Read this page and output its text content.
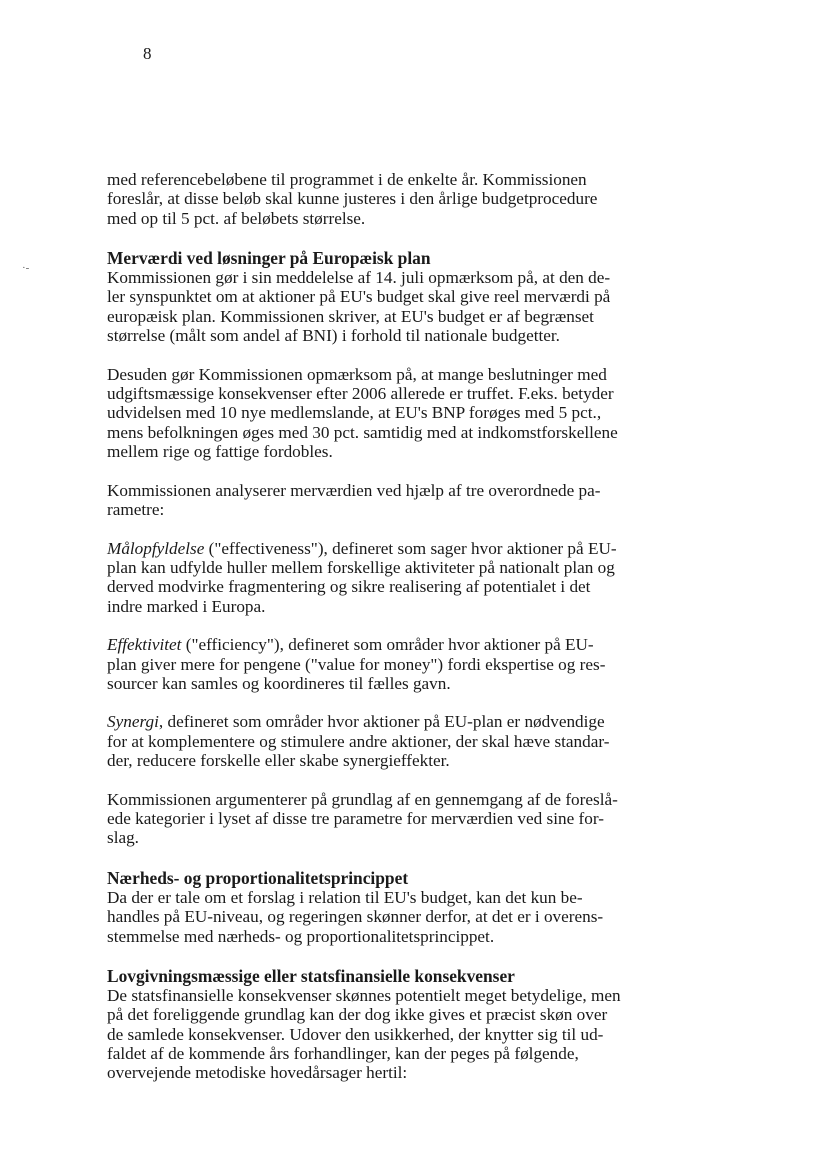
8
·-

med referencebeløbene til programmet i de enkelte år. Kommissionen
foreslår, at disse beløb skal kunne justeres i den årlige budgetprocedure
med op til 5 pct. af beløbets størrelse.

Merværdi ved løsninger på Europæisk plan

Kommissionen gør i sin meddelelse af 14. juli opmærksom på, at den de-
ler synspunktet om at aktioner på EU's budget skal give reel merværdi på
europæisk plan. Kommissionen skriver, at EU's budget er af begrænset
størrelse (målt som andel af BNI) i forhold til nationale budgetter.

Desuden gør Kommissionen opmærksom på, at mange beslutninger med
udgiftsmæssige konsekvenser efter 2006 allerede er truffet. F.eks. betyder
udvidelsen med 10 nye medlemslande, at EU's BNP forøges med 5 pct.,
mens befolkningen øges med 30 pct. samtidig med at indkomstforskellene
mellem rige og fattige fordobles.

Kommissionen analyserer merværdien ved hjælp af tre overordnede pa-
rametre:

Målopfyldelse ("effectiveness"), defineret som sager hvor aktioner på EU-
plan kan udfylde huller mellem forskellige aktiviteter på nationalt plan og
derved modvirke fragmentering og sikre realisering af potentialet i det
indre marked i Europa.

Effektivitet ("efficiency"), defineret som områder hvor aktioner på EU-
plan giver mere for pengene ("value for money") fordi ekspertise og res-
sourcer kan samles og koordineres til fælles gavn.

Synergi, defineret som områder hvor aktioner på EU-plan er nødvendige
for at komplementere og stimulere andre aktioner, der skal hæve standar-
der, reducere forskelle eller skabe synergieffekter.

Kommissionen argumenterer på grundlag af en gennemgang af de foreslå-
ede kategorier i lyset af disse tre parametre for merværdien ved sine for-
slag.

Nærheds- og proportionalitetsprincippet

Da der er tale om et forslag i relation til EU's budget, kan det kun be-
handles på EU-niveau, og regeringen skønner derfor, at det er i overens-
stemmelse med nærheds- og proportionalitetsprincippet.

Lovgivningsmæssige eller statsfinansielle konsekvenser

De statsfinansielle konsekvenser skønnes potentielt meget betydelige, men
på det foreliggende grundlag kan der dog ikke gives et præcist skøn over
de samlede konsekvenser. Udover den usikkerhed, der knytter sig til ud-
faldet af de kommende års forhandlinger, kan der peges på følgende,
overvejende metodiske hovedårsager hertil:
